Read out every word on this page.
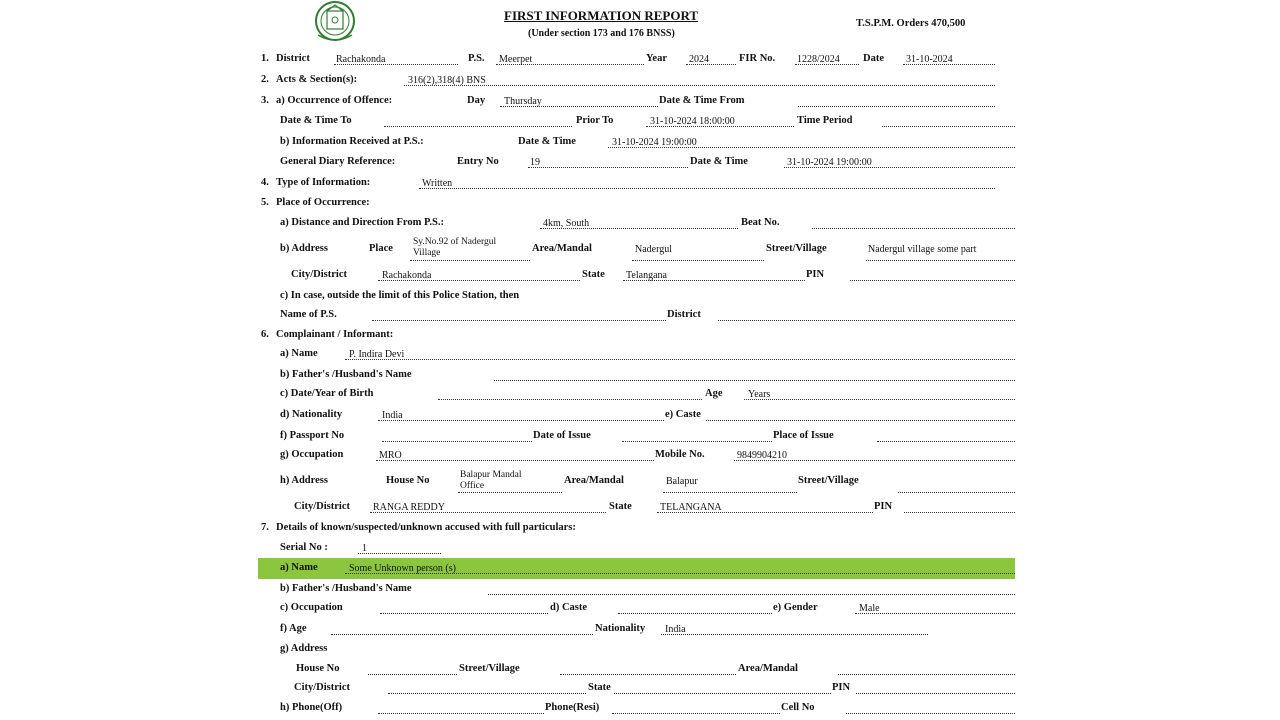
FIRST INFORMATION REPORT
(Under section 173 and 176 BNSS)
T.S.P.M. Orders 470,500
1. District	Rachakonda	P.S. Meerpet	Year 2024	FIR No. 1228/2024 Date 31-10-2024
2. Acts & Section(s):	316(2),318(4) BNS
3. a) Occurrence of Offence:	Day Thursday	Date & Time From
Date & Time To	Prior To	31-10-2024 18:00:00	Time Period
b) Information Received at P.S.:	Date & Time	31-10-2024 19:00:00
General Diary Reference:	Entry No	19	Date & Time	31-10-2024 19:00:00
4. Type of Information:	Written
5. Place of Occurrence:
a) Distance and Direction From P.S.:	4km, South	Beat No.
b) Address	Place
Sy.No.92 of Nadergul
Village	Area/Mandal	Nadergul	Street/Village	Nadergul village some part
City/District	Rachakonda	State Telangana	PIN
c) In case, outside the limit of this Police Station, then
Name of P.S.	District
6. Complainant / Informant:
a) Name	P. Indira Devi
b) Father's /Husband's Name
c) Date/Year of Birth	Age	Years
d) Nationality	India	e) Caste
f) Passport No	Date of Issue	Place of Issue
g) Occupation	MRO	Mobile No.	9849904210
h) Address	House No	Balapur Mandal
Office	Area/Mandal	Balapur	Street/Village
City/District RANGA REDDY	State	TELANGANA	PIN
7. Details of known/suspected/unknown accused with full particulars:
Serial No :	1
a) Name	Some Unknown person (s)
b) Father's /Husband's Name
c) Occupation	d) Caste	e) Gender	Male
f) Age	Nationality India
g) Address
House No	Street/Village	Area/Mandal
City/District	State	PIN
h) Phone(Off)	Phone(Resi)	Cell No
